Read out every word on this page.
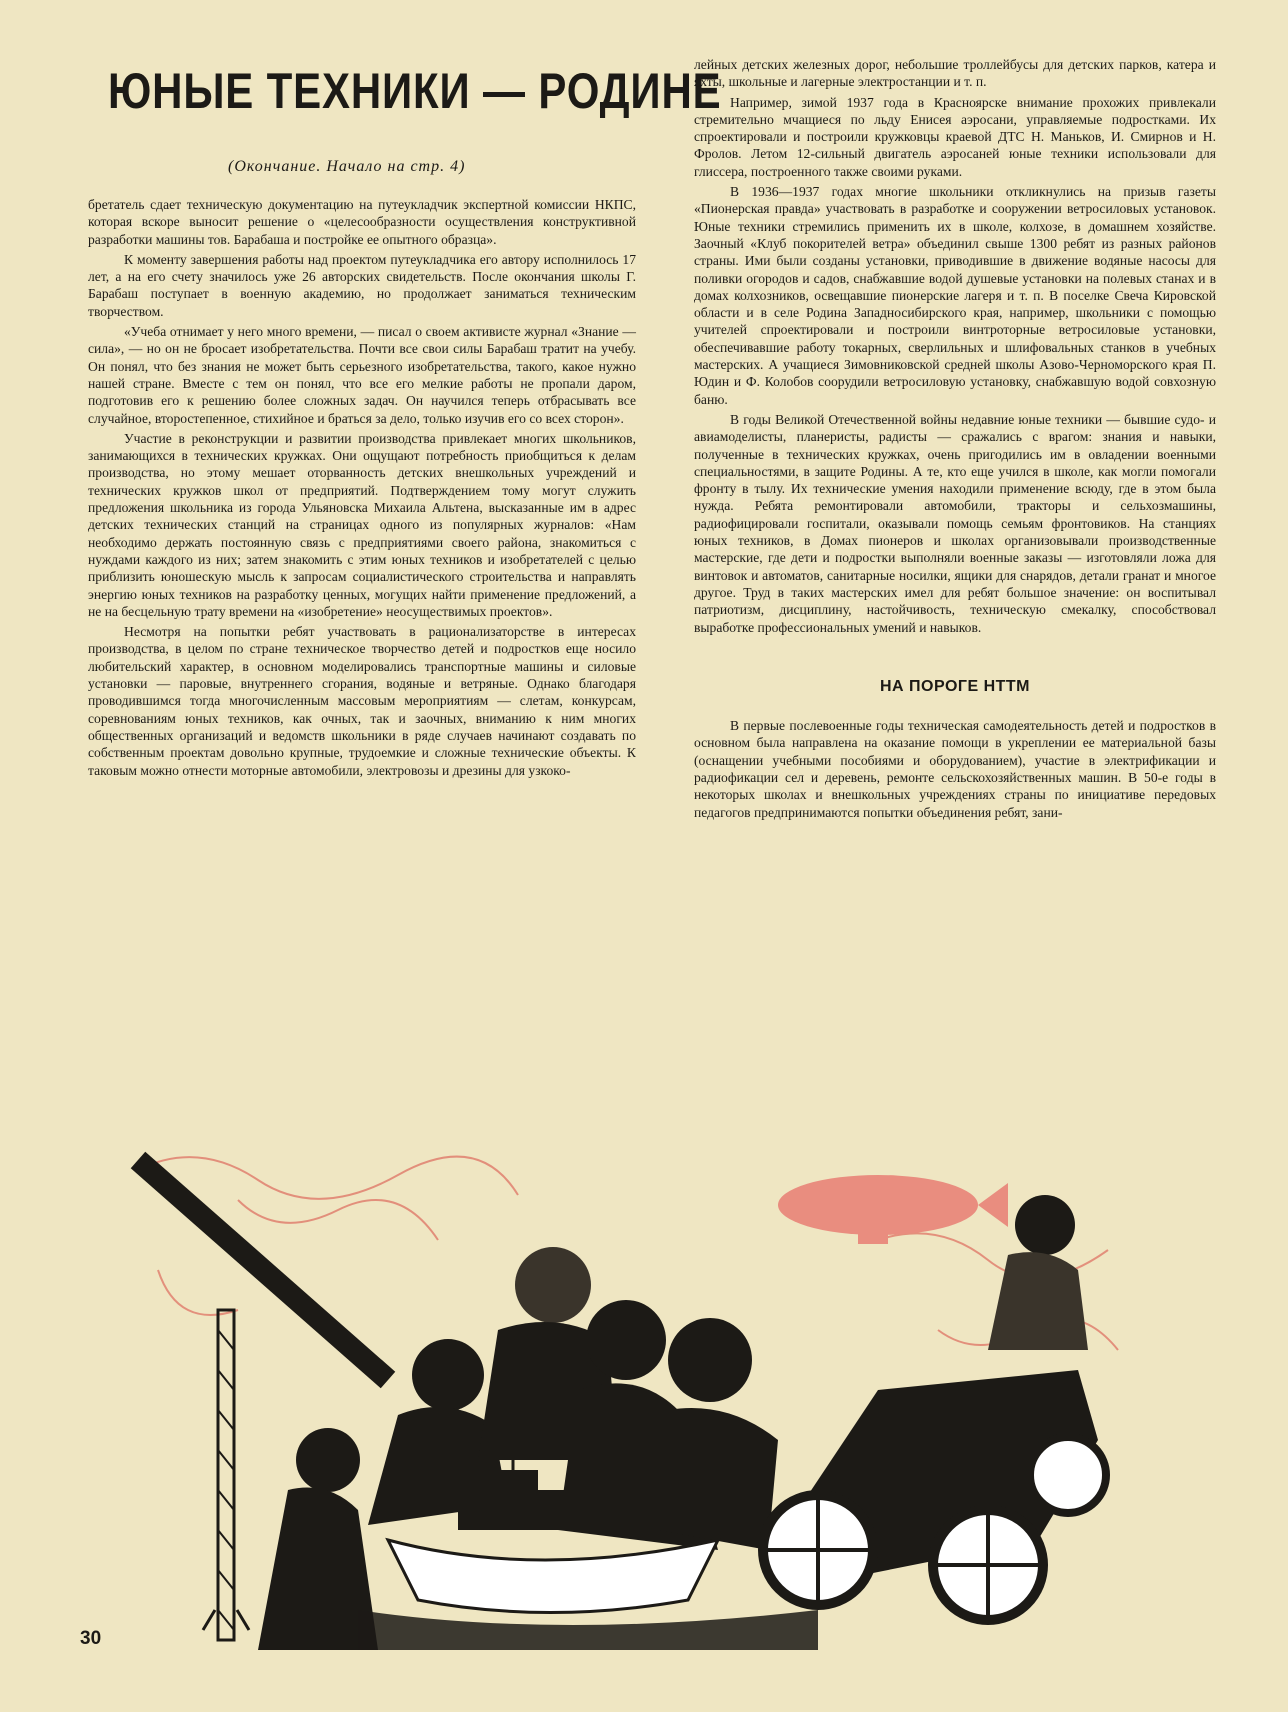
ЮНЫЕ ТЕХНИКИ — РОДИНЕ

(Окончание. Начало на стр. 4)

бретатель сдает техническую документацию на путеукладчик экспертной комиссии НКПС, которая вскоре выносит решение о «целесообразности осуществления конструктивной разработки машины тов. Барабаша и постройке ее опытного образца».

К моменту завершения работы над проектом путеукладчика его автору исполнилось 17 лет, а на его счету значилось уже 26 авторских свидетельств. После окончания школы Г. Барабаш поступает в военную академию, но продолжает заниматься техническим творчеством.

«Учеба отнимает у него много времени, — писал о своем активисте журнал «Знание — сила», — но он не бросает изобретательства. Почти все свои силы Барабаш тратит на учебу. Он понял, что без знания не может быть серьезного изобретательства, такого, какое нужно нашей стране. Вместе с тем он понял, что все его мелкие работы не пропали даром, подготовив его к решению более сложных задач. Он научился теперь отбрасывать все случайное, второстепенное, стихийное и браться за дело, только изучив его со всех сторон».

Участие в реконструкции и развитии производства привлекает многих школьников, занимающихся в технических кружках. Они ощущают потребность приобщиться к делам производства, но этому мешает оторванность детских внешкольных учреждений и технических кружков школ от предприятий. Подтверждением тому могут служить предложения школьника из города Ульяновска Михаила Альтена, высказанные им в адрес детских технических станций на страницах одного из популярных журналов: «Нам необходимо держать постоянную связь с предприятиями своего района, знакомиться с нуждами каждого из них; затем знакомить с этим юных техников и изобретателей с целью приблизить юношескую мысль к запросам социалистического строительства и направлять энергию юных техников на разработку ценных, могущих найти применение предложений, а не на бесцельную трату времени на «изобретение» неосуществимых проектов».

Несмотря на попытки ребят участвовать в рационализаторстве в интересах производства, в целом по стране техническое творчество детей и подростков еще носило любительский характер, в основном моделировались транспортные машины и силовые установки — паровые, внутреннего сгорания, водяные и ветряные. Однако благодаря проводившимся тогда многочисленным массовым мероприятиям — слетам, конкурсам, соревнованиям юных техников, как очных, так и заочных, вниманию к ним многих общественных организаций и ведомств школьники в ряде случаев начинают создавать по собственным проектам довольно крупные, трудоемкие и сложные технические объекты. К таковым можно отнести моторные автомобили, электровозы и дрезины для узкоко-

лейных детских железных дорог, небольшие троллейбусы для детских парков, катера и яхты, школьные и лагерные электростанции и т. п.

Например, зимой 1937 года в Красноярске внимание прохожих привлекали стремительно мчащиеся по льду Енисея аэросани, управляемые подростками. Их спроектировали и построили кружковцы краевой ДТС Н. Маньков, И. Смирнов и Н. Фролов. Летом 12-сильный двигатель аэросаней юные техники использовали для глиссера, построенного также своими руками.

В 1936—1937 годах многие школьники откликнулись на призыв газеты «Пионерская правда» участвовать в разработке и сооружении ветросиловых установок. Юные техники стремились применить их в школе, колхозе, в домашнем хозяйстве. Заочный «Клуб покорителей ветра» объединил свыше 1300 ребят из разных районов страны. Ими были созданы установки, приводившие в движение водяные насосы для поливки огородов и садов, снабжавшие водой душевые установки на полевых станах и в домах колхозников, освещавшие пионерские лагеря и т. п. В поселке Свеча Кировской области и в селе Родина Западносибирского края, например, школьники с помощью учителей спроектировали и построили винтроторные ветросиловые установки, обеспечивавшие работу токарных, сверлильных и шлифовальных станков в учебных мастерских. А учащиеся Зимовниковской средней школы Азово-Черноморского края П. Юдин и Ф. Колобов соорудили ветросиловую установку, снабжавшую водой совхозную баню.

В годы Великой Отечественной войны недавние юные техники — бывшие судо- и авиамоделисты, планеристы, радисты — сражались с врагом: знания и навыки, полученные в технических кружках, очень пригодились им в овладении военными специальностями, в защите Родины. А те, кто еще учился в школе, как могли помогали фронту в тылу. Их технические умения находили применение всюду, где в этом была нужда. Ребята ремонтировали автомобили, тракторы и сельхозмашины, радиофицировали госпитали, оказывали помощь семьям фронтовиков. На станциях юных техников, в Домах пионеров и школах организовывали производственные мастерские, где дети и подростки выполняли военные заказы — изготовляли ложа для винтовок и автоматов, санитарные носилки, ящики для снарядов, детали гранат и многое другое. Труд в таких мастерских имел для ребят большое значение: он воспитывал патриотизм, дисциплину, настойчивость, техническую смекалку, способствовал выработке профессиональных умений и навыков.

НА ПОРОГЕ НТТМ

В первые послевоенные годы техническая самодеятельность детей и подростков в основном была направлена на оказание помощи в укреплении ее материальной базы (оснащении учебными пособиями и оборудованием), участие в электрификации и радиофикации сел и деревень, ремонте сельскохозяйственных машин. В 50-е годы в некоторых школах и внешкольных учреждениях страны по инициативе передовых педагогов предпринимаются попытки объединения ребят, зани-

30
